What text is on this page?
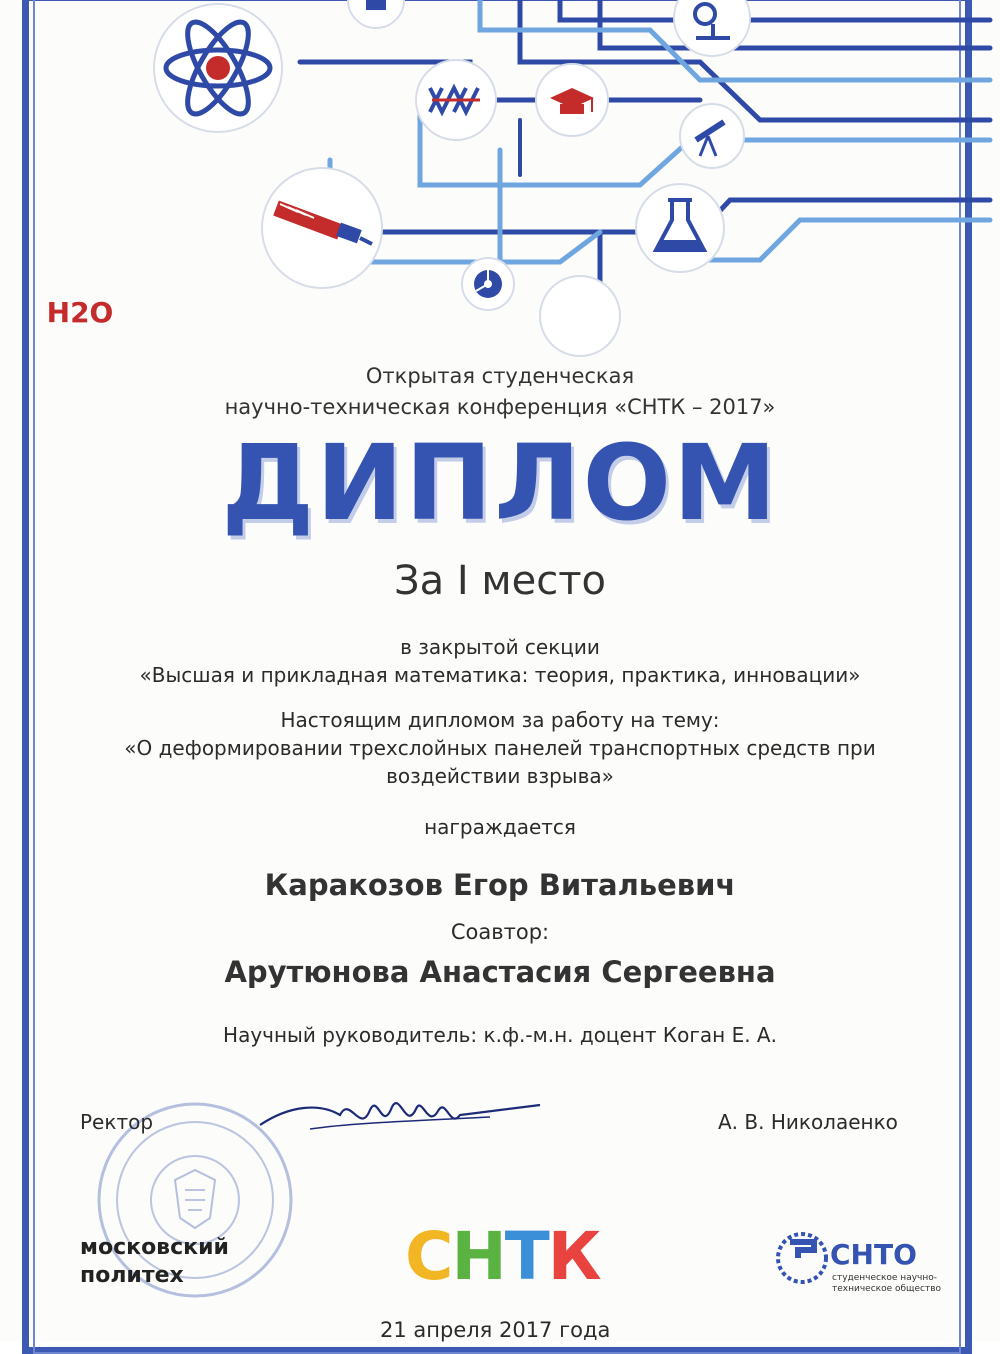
H2O
Открытая студенческая
научно-техническая конференция «СНТК – 2017»
ДИПЛОМ
За I место
в закрытой секции
«Высшая и прикладная математика: теория, практика, инновации»
Настоящим дипломом за работу на тему:
«О деформировании трехслойных панелей транспортных средств при
воздействии взрыва»
награждается
Каракозов Егор Витальевич
Соавтор:
Арутюнова Анастасия Сергеевна
Научный руководитель: к.ф.-м.н. доцент Коган Е. А.
Ректор	А. В. Николаенко
московский
политех	СНТК	СНТО
студенческое научно-техническое общество
21 апреля 2017 года
